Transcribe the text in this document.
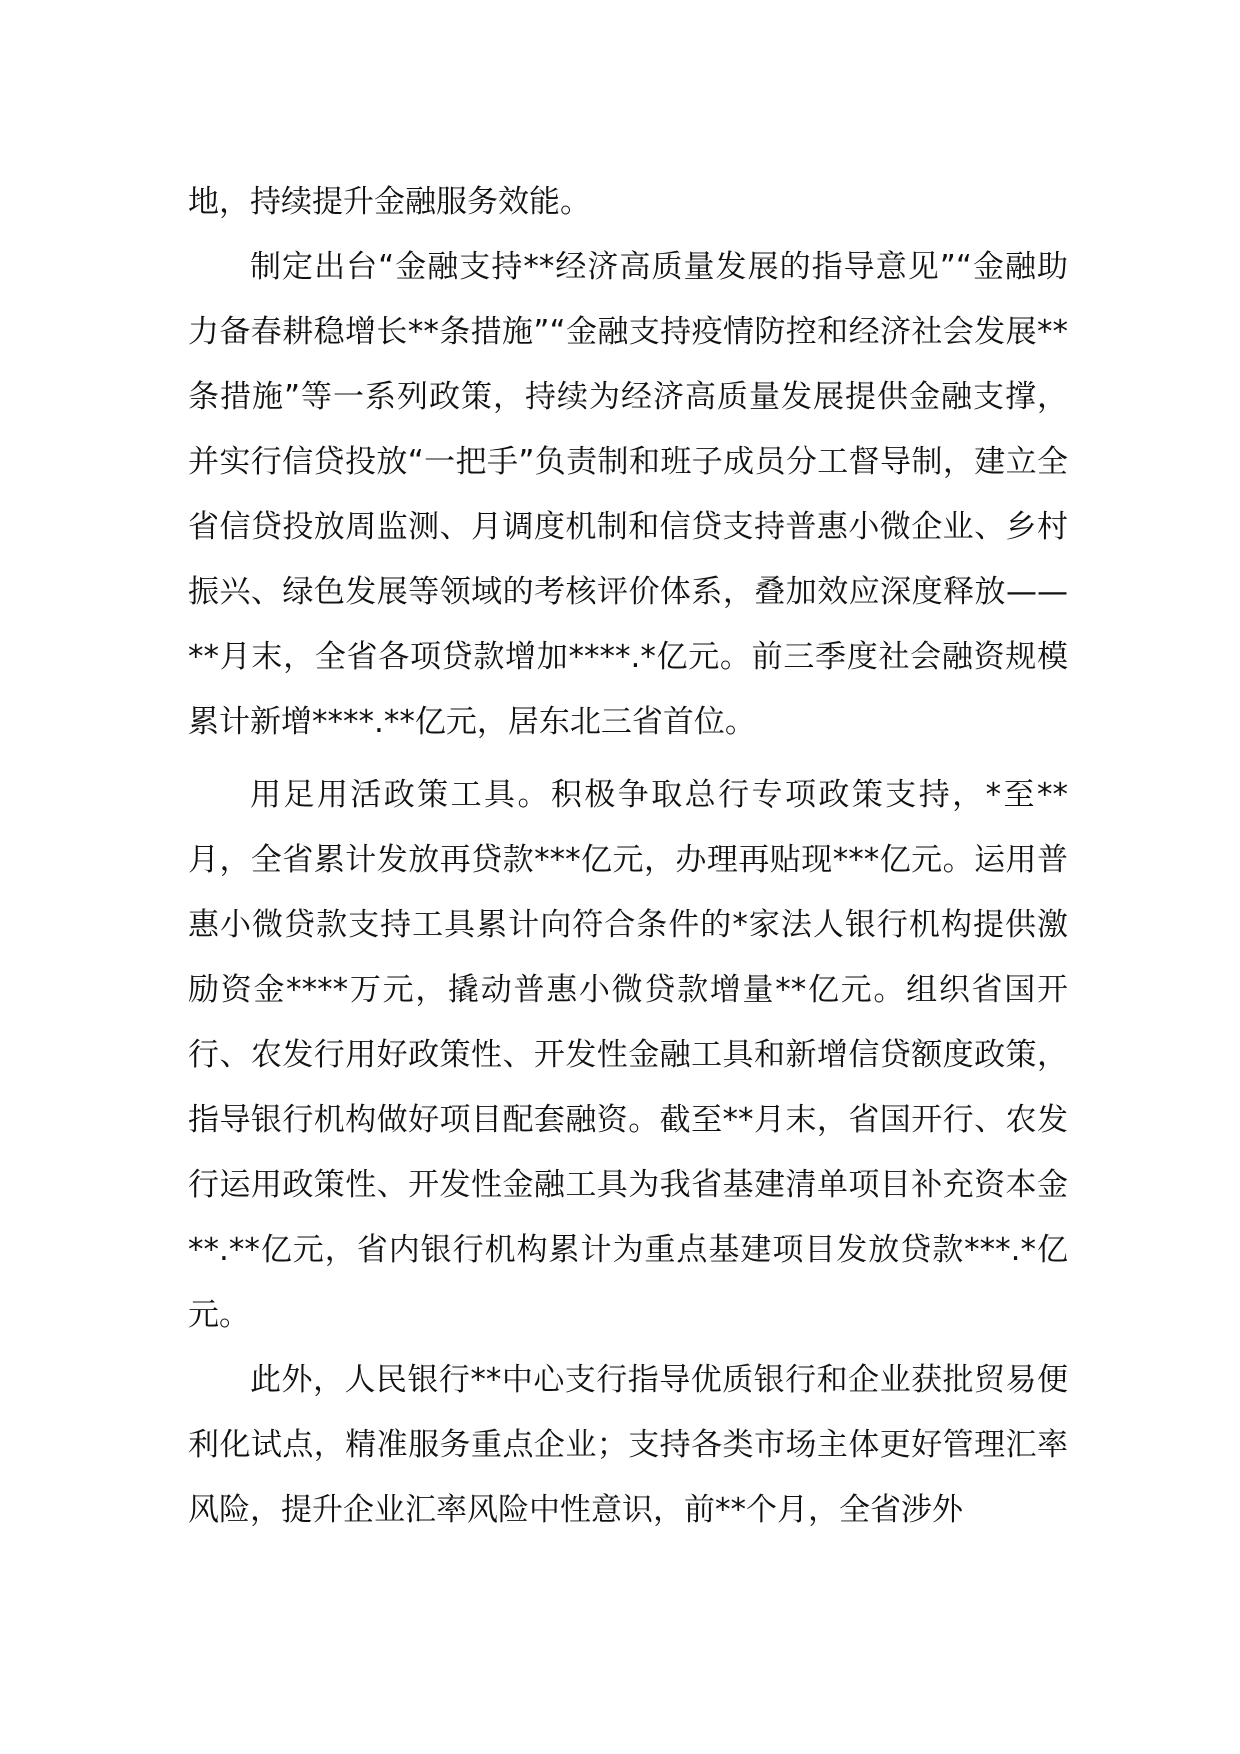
地，持续提升金融服务效能。

制定出台“金融支持**经济高质量发展的指导意见”“金融助力备春耕稳增长**条措施”“金融支持疫情防控和经济社会发展**条措施”等一系列政策，持续为经济高质量发展提供金融支撑，并实行信贷投放“一把手”负责制和班子成员分工督导制，建立全省信贷投放周监测、月调度机制和信贷支持普惠小微企业、乡村振兴、绿色发展等领域的考核评价体系，叠加效应深度释放——**月末，全省各项贷款增加****.*亿元。前三季度社会融资规模累计新增****.**亿元，居东北三省首位。

用足用活政策工具。积极争取总行专项政策支持，*至**月，全省累计发放再贷款***亿元，办理再贴现***亿元。运用普惠小微贷款支持工具累计向符合条件的*家法人银行机构提供激励资金****万元，撬动普惠小微贷款增量**亿元。组织省国开行、农发行用好政策性、开发性金融工具和新增信贷额度政策，指导银行机构做好项目配套融资。截至**月末，省国开行、农发行运用政策性、开发性金融工具为我省基建清单项目补充资本金**.**亿元，省内银行机构累计为重点基建项目发放贷款***.*亿元。

此外，人民银行**中心支行指导优质银行和企业获批贸易便利化试点，精准服务重点企业；支持各类市场主体更好管理汇率风险，提升企业汇率风险中性意识，前**个月，全省涉外
